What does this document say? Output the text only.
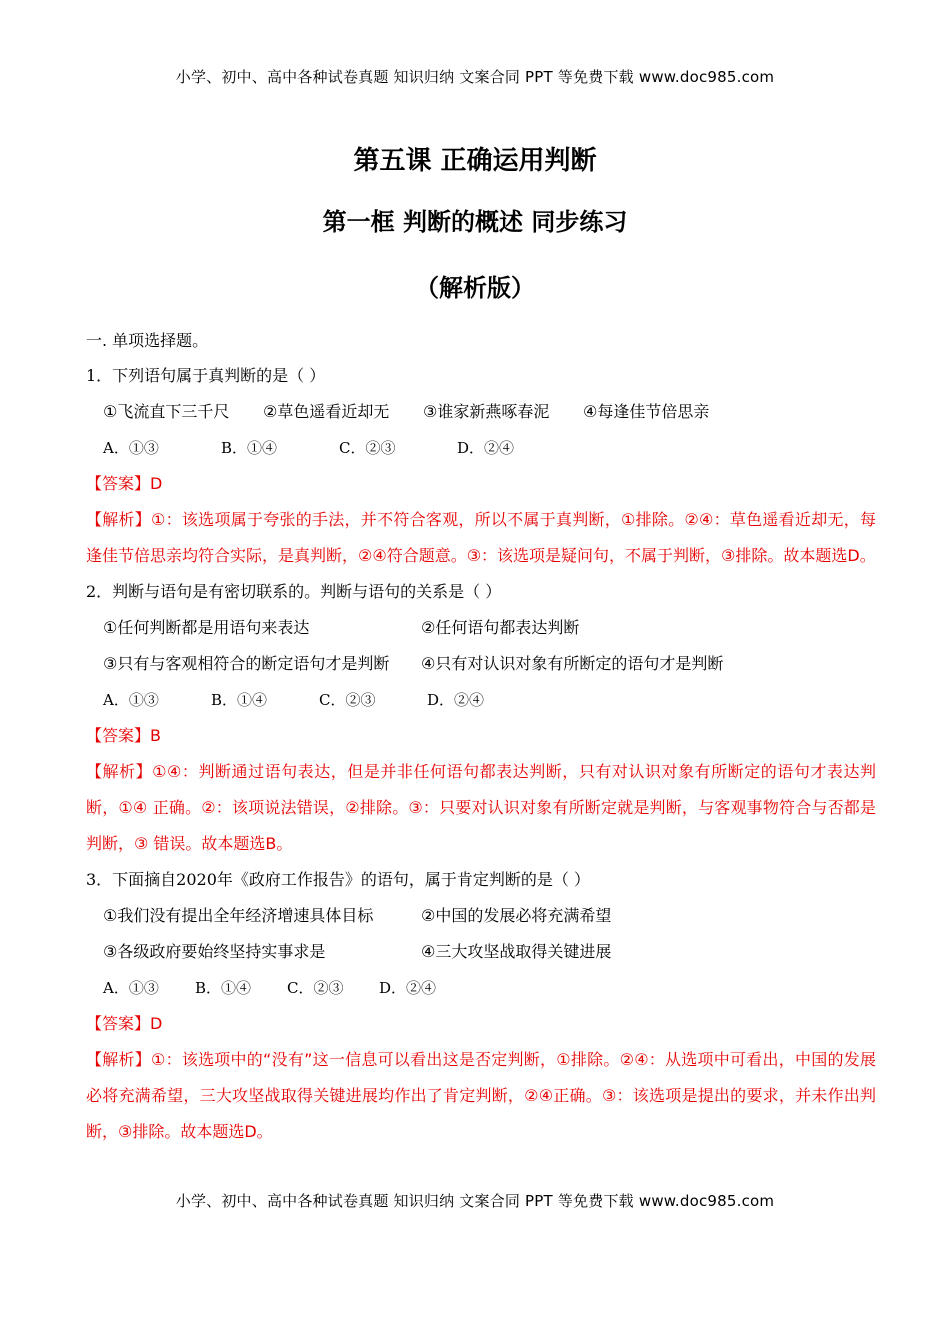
小学、初中、高中各种试卷真题 知识归纳 文案合同 PPT 等免费下载 www.doc985.com
第五课 正确运用判断
第一框 判断的概述 同步练习
（解析版）
一. 单项选择题。
1．下列语句属于真判断的是（ ）
①飞流直下三千尺 ②草色遥看近却无 ③谁家新燕啄春泥 ④每逢佳节倍思亲
A．①③	B．①④	C．②③	D．②④
【答案】D
【解析】①：该选项属于夸张的手法，并不符合客观，所以不属于真判断，①排除。②④：草色遥看近却无，每逢佳节倍思亲均符合实际，是真判断，②④符合题意。③：该选项是疑问句，不属于判断，③排除。故本题选D。
2．判断与语句是有密切联系的。判断与语句的关系是（ ）
①任何判断都是用语句来表达	②任何语句都表达判断
③只有与客观相符合的断定语句才是判断 ④只有对认识对象有所断定的语句才是判断
A．①③	B．①④	C．②③	D．②④
【答案】B
【解析】①④：判断通过语句表达，但是并非任何语句都表达判断，只有对认识对象有所断定的语句才表达判断，①④ 正确。②：该项说法错误，②排除。③：只要对认识对象有所断定就是判断，与客观事物符合与否都是判断，③ 错误。故本题选B。
3．下面摘自2020年《政府工作报告》的语句，属于肯定判断的是（ ）
①我们没有提出全年经济增速具体目标	②中国的发展必将充满希望
③各级政府要始终坚持实事求是	④三大攻坚战取得关键进展
A．①③ B．①④ C．②③ D．②④
【答案】D
【解析】①：该选项中的“没有”这一信息可以看出这是否定判断，①排除。②④：从选项中可看出，中国的发展必将充满希望，三大攻坚战取得关键进展均作出了肯定判断，②④正确。③：该选项是提出的要求，并未作出判断，③排除。故本题选D。
小学、初中、高中各种试卷真题 知识归纳 文案合同 PPT 等免费下载 www.doc985.com
